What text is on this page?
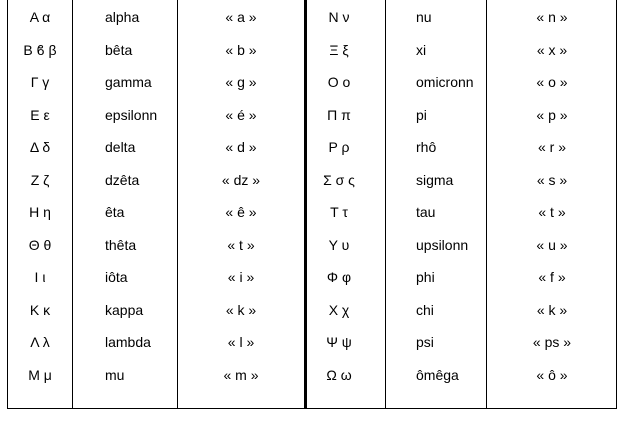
Α α	alpha	« a »
Β ϐ β	bêta	« b »
Γ γ	gamma	« g »
Ε ε	epsilonn	« é »
Δ δ	delta	« d »
Ζ ζ	dzêta	« dz »
Η η	êta	« ê »
Θ θ	thêta	« t »
Ι ι	iôta	« i »
Κ κ	kappa	« k »
Λ λ	lambda	« l »
Μ μ	mu	« m »
Ν ν	nu	« n »
Ξ ξ	xi	« x »
Ο ο	omicronn	« o »
Π π	pi	« p »
Ρ ρ	rhô	« r »
Σ σ ς	sigma	« s »
Τ τ	tau	« t »
Υ υ	upsilonn	« u »
Φ φ	phi	« f »
Χ χ	chi	« k »
Ψ ψ	psi	« ps »
Ω ω	ômêga	« ô »
